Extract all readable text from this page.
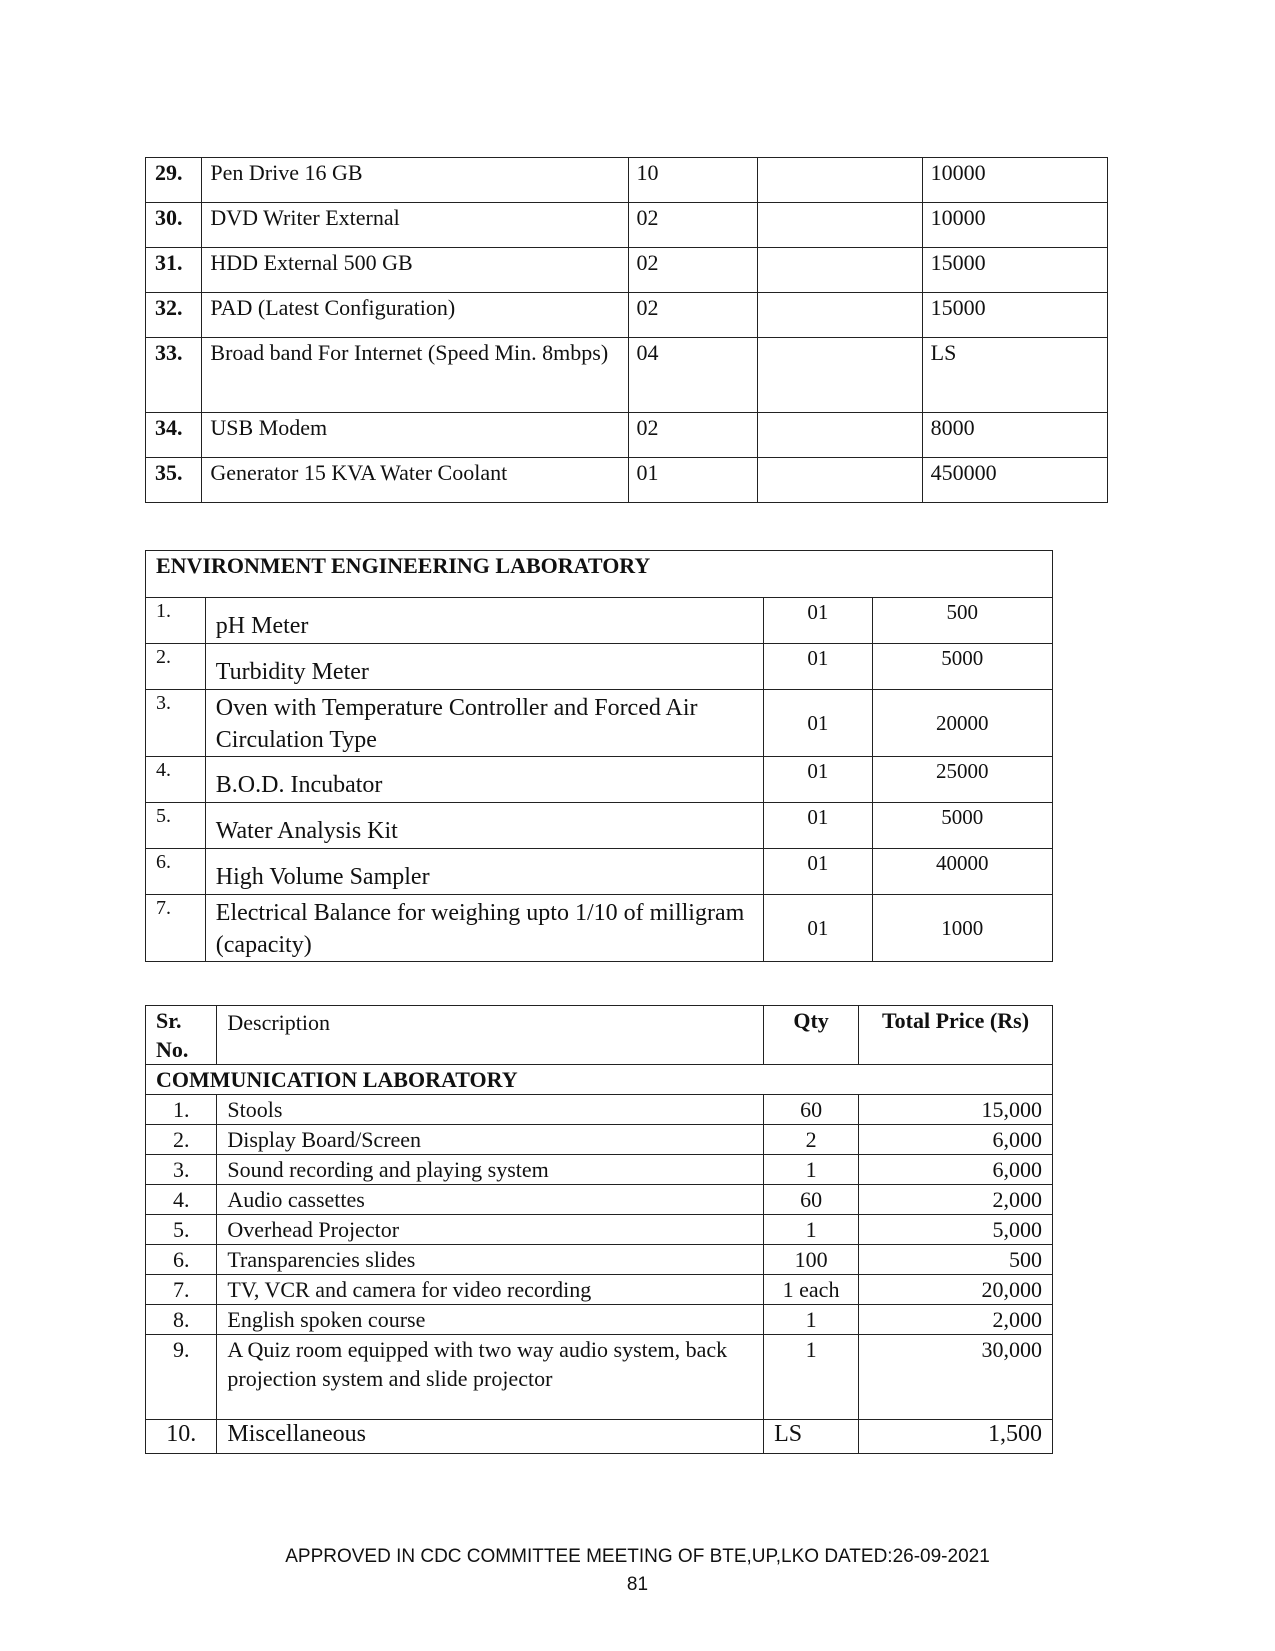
29.	Pen Drive 16 GB	10		10000
30.	DVD Writer External	02		10000
31.	HDD External 500 GB	02		15000
32.	PAD (Latest Configuration)	02		15000
33.	Broad band For Internet (Speed Min. 8mbps)	04		LS
34.	USB Modem	02		8000
35.	Generator 15 KVA Water Coolant	01		450000
ENVIRONMENT ENGINEERING LABORATORY			
1.	pH Meter	01	500
2.	Turbidity Meter	01	5000
3.	Oven with Temperature Controller and Forced Air Circulation Type	01	20000
4.	B.O.D. Incubator	01	25000
5.	Water Analysis Kit	01	5000
6.	High Volume Sampler	01	40000
7.	Electrical Balance for weighing upto 1/10 of milligram (capacity)	01	1000
Sr. No.	Description	Qty	Total Price (Rs)
COMMUNICATION LABORATORY			
1.	Stools	60	15,000
2.	Display Board/Screen	2	6,000
3.	Sound recording and playing system	1	6,000
4.	Audio cassettes	60	2,000
5.	Overhead Projector	1	5,000
6.	Transparencies slides	100	500
7.	TV, VCR and camera for video recording	1 each	20,000
8.	English spoken course	1	2,000
9.	A Quiz room equipped with two way audio system, back projection system and slide projector	1	30,000
10.	Miscellaneous	LS	1,500
APPROVED IN CDC COMMITTEE MEETING OF BTE,UP,LKO DATED:26-09-2021
81
